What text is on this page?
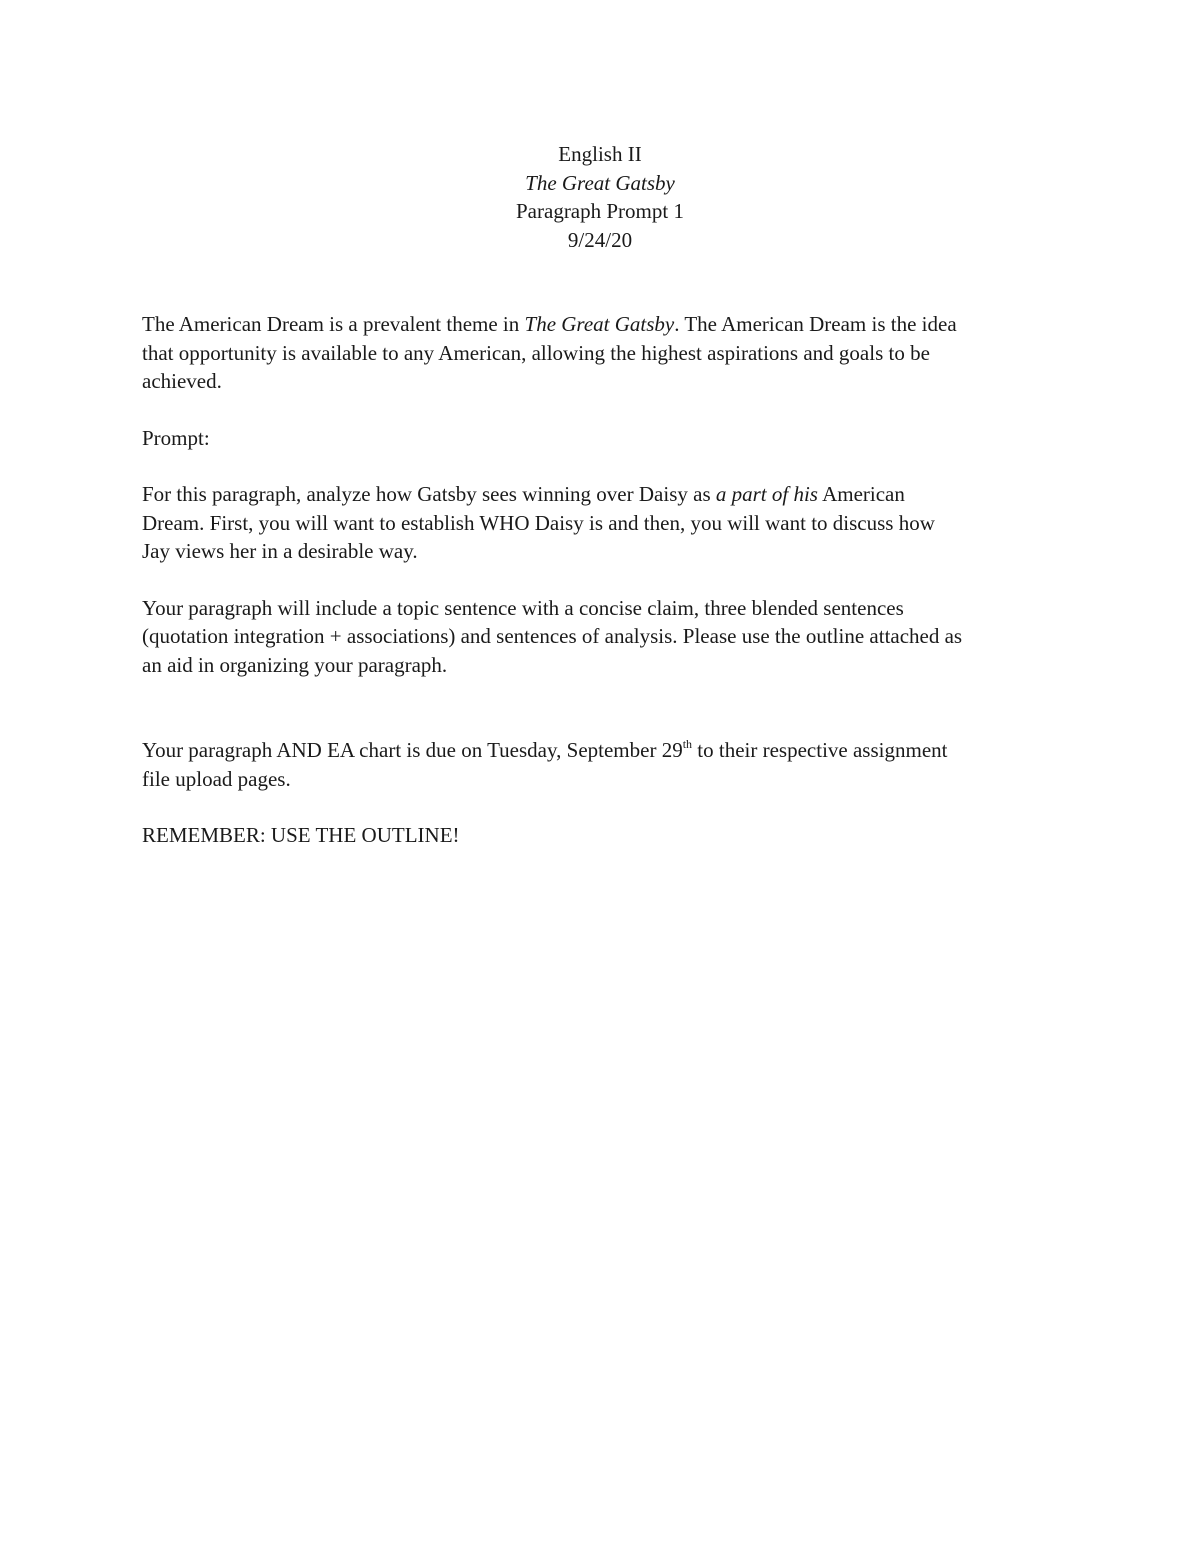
English II
The Great Gatsby
Paragraph Prompt 1
9/24/20

The American Dream is a prevalent theme in The Great Gatsby. The American Dream is the idea
that opportunity is available to any American, allowing the highest aspirations and goals to be
achieved.

Prompt:

For this paragraph, analyze how Gatsby sees winning over Daisy as a part of his American
Dream. First, you will want to establish WHO Daisy is and then, you will want to discuss how
Jay views her in a desirable way.

Your paragraph will include a topic sentence with a concise claim, three blended sentences
(quotation integration + associations) and sentences of analysis. Please use the outline attached as
an aid in organizing your paragraph.

Your paragraph AND EA chart is due on Tuesday, September 29th to their respective assignment
file upload pages.

REMEMBER: USE THE OUTLINE!
